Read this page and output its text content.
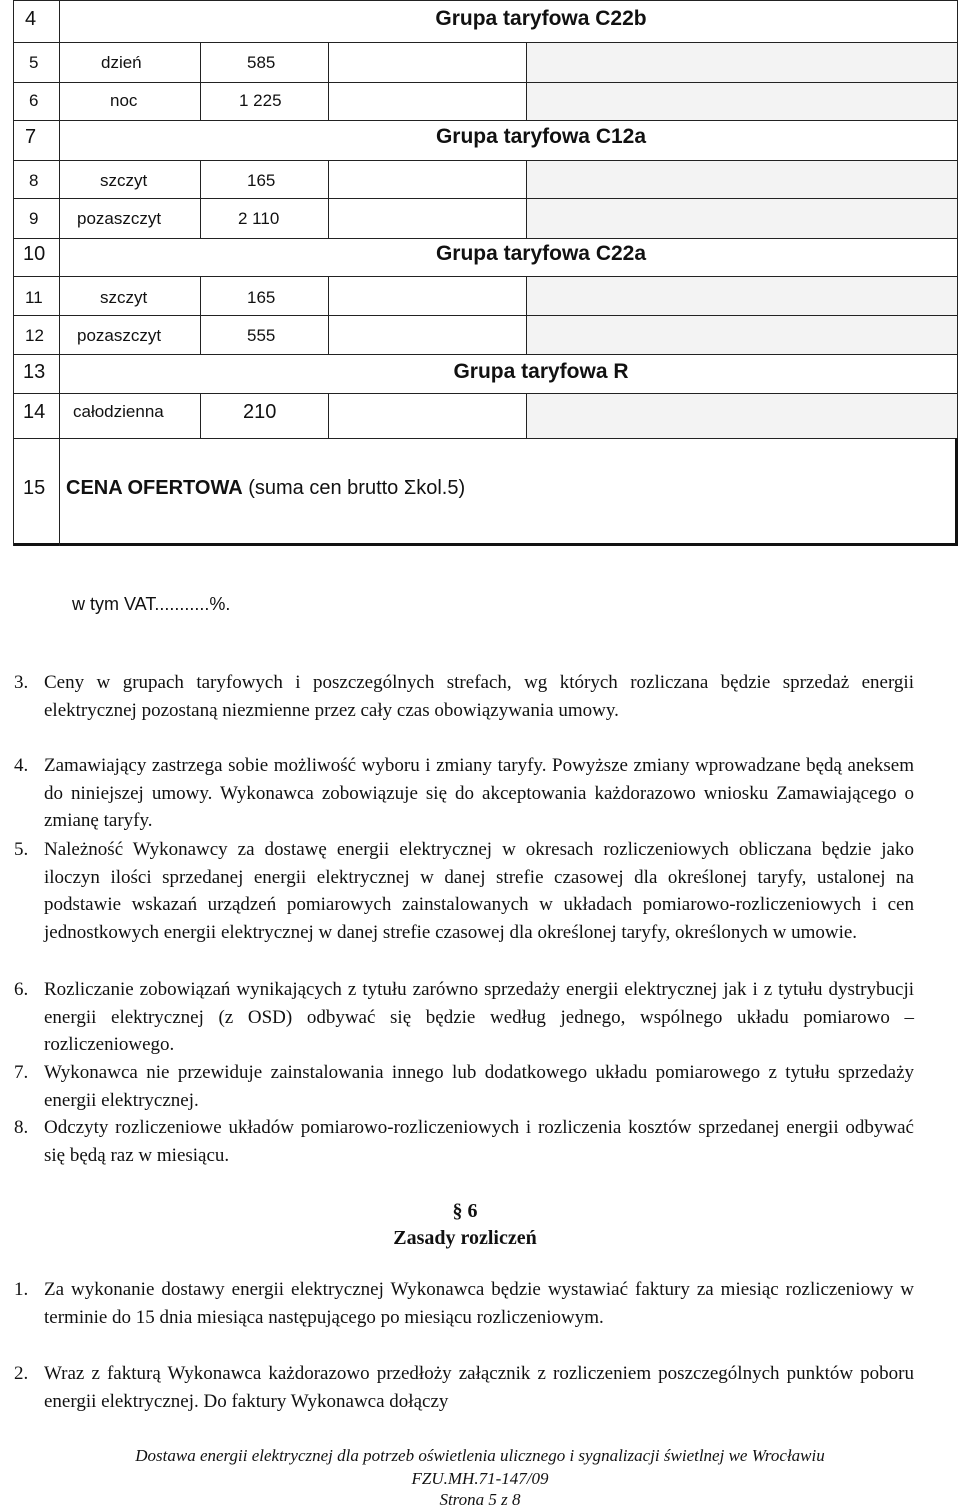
4	Grupa taryfowa C22b
5	dzień	585
6	noc	1 225
7	Grupa taryfowa C12a
8	szczyt	165
9 pozaszczyt	2 110
10	Grupa taryfowa C22a
11	szczyt	165
12 pozaszczyt	555
13	Grupa taryfowa R
14 całodzienna	210
15 CENA OFERTOWA (suma cen brutto Σkol.5)
w tym VAT...........%.
3. Ceny w grupach taryfowych i poszczególnych strefach, wg których rozliczana będzie sprzedaż energii elektrycznej pozostaną niezmienne przez cały czas obowiązywania umowy.
4. Zamawiający zastrzega sobie możliwość wyboru i zmiany taryfy. Powyższe zmiany wprowadzane będą aneksem do niniejszej umowy. Wykonawca zobowiązuje się do akceptowania każdorazowo wniosku Zamawiającego o zmianę taryfy.
5. Należność Wykonawcy za dostawę energii elektrycznej w okresach rozliczeniowych obliczana będzie jako iloczyn ilości sprzedanej energii elektrycznej w danej strefie czasowej dla określonej taryfy, ustalonej na podstawie wskazań urządzeń pomiarowych zainstalowanych w układach pomiarowo-rozliczeniowych i cen jednostkowych energii elektrycznej w danej strefie czasowej dla określonej taryfy, określonych w umowie.
6. Rozliczanie zobowiązań wynikających z tytułu zarówno sprzedaży energii elektrycznej jak i z tytułu dystrybucji energii elektrycznej (z OSD) odbywać się będzie według jednego, wspólnego układu pomiarowo – rozliczeniowego.
7. Wykonawca nie przewiduje zainstalowania innego lub dodatkowego układu pomiarowego z tytułu sprzedaży energii elektrycznej.
8. Odczyty rozliczeniowe układów pomiarowo-rozliczeniowych i rozliczenia kosztów sprzedanej energii odbywać się będą raz w miesiącu.
§ 6
Zasady rozliczeń
1. Za wykonanie dostawy energii elektrycznej Wykonawca będzie wystawiać faktury za miesiąc rozliczeniowy w terminie do 15 dnia miesiąca następującego po miesiącu rozliczeniowym.
2. Wraz z fakturą Wykonawca każdorazowo przedłoży załącznik z rozliczeniem poszczególnych punktów poboru energii elektrycznej. Do faktury Wykonawca dołączy
Dostawa energii elektrycznej dla potrzeb oświetlenia ulicznego i sygnalizacji świetlnej we Wrocławiu
FZU.MH.71-147/09
Strona 5 z 8
